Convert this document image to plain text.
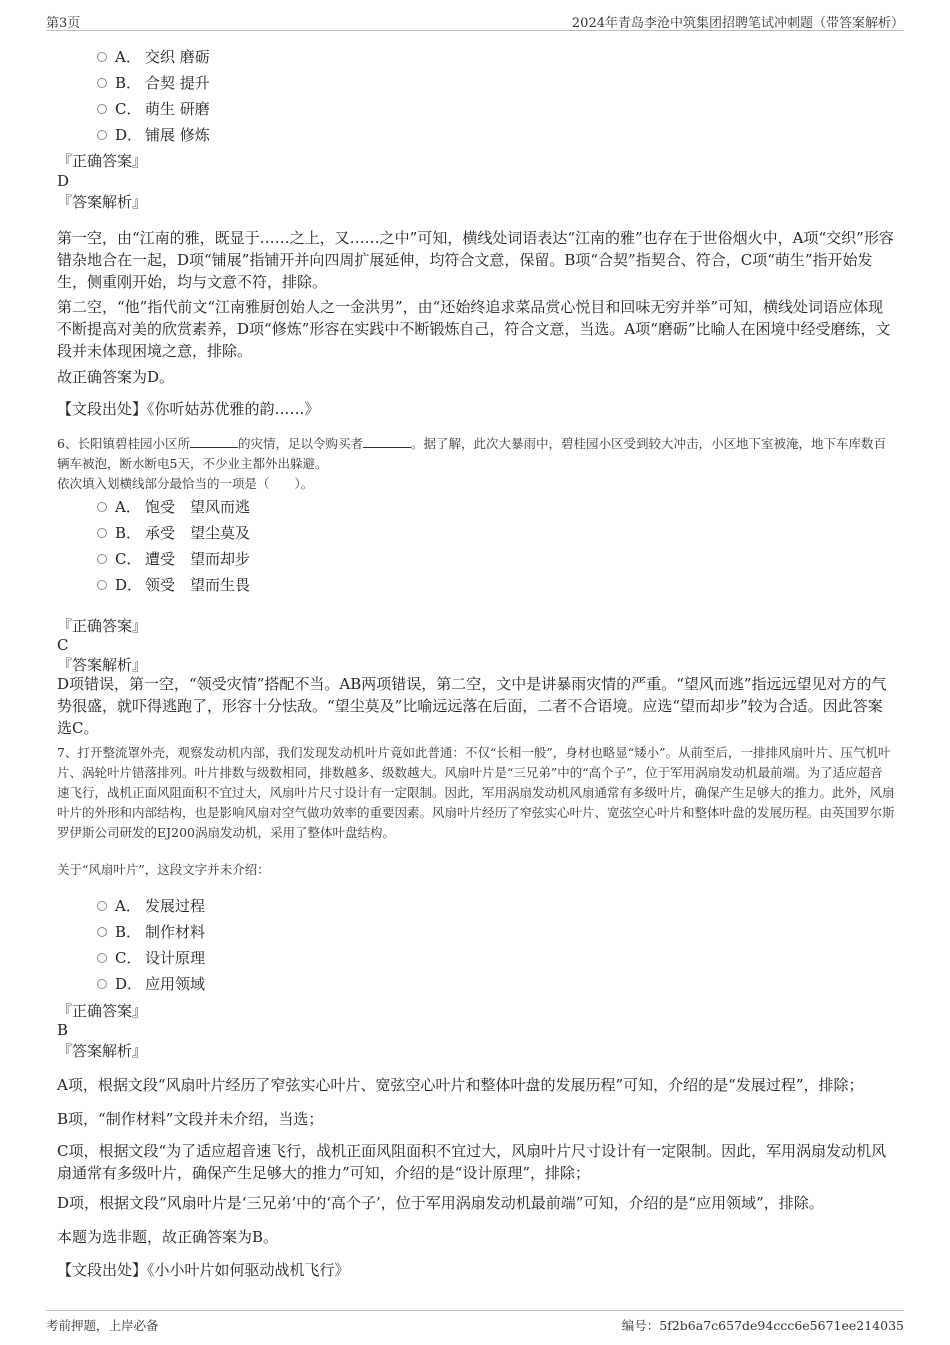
第3页	2024年青岛李沧中筑集团招聘笔试冲刺题（带答案解析）
A． 交织 磨砺
B． 合契 提升
C． 萌生 研磨
D． 铺展 修炼
『正确答案』
D
『答案解析』
第一空，由“江南的雅，既显于……之上，又……之中”可知，横线处词语表达“江南的雅”也存在于世俗烟火中，A项“交织”形容错杂地合在一起，D项“铺展”指铺开并向四周扩展延伸，均符合文意，保留。B项“合契”指契合、符合，C项“萌生”指开始发生，侧重刚开始，均与文意不符，排除。
第二空，“他”指代前文“江南雅厨创始人之一金洪男”，由“还始终追求菜品赏心悦目和回味无穷并举”可知，横线处词语应体现不断提高对美的欣赏素养，D项“修炼”形容在实践中不断锻炼自己，符合文意，当选。A项“磨砺”比喻人在困境中经受磨练，文段并未体现困境之意，排除。
故正确答案为D。
【文段出处】《你听姑苏优雅的韵……》
6、长阳镇碧桂园小区所	的灾情，足以令购买者	。据了解，此次大暴雨中，碧桂园小区受到较大冲击，小区地下室被淹，地下车库数百辆车被泡，断水断电5天，不少业主都外出躲避。
依次填入划横线部分最恰当的一项是（　　）。
A． 饱受　望风而逃
B． 承受　望尘莫及
C． 遭受　望而却步
D． 领受　望而生畏
『正确答案』
C
『答案解析』
D项错误，第一空，“领受灾情”搭配不当。AB两项错误，第二空，文中是讲暴雨灾情的严重。“望风而逃”指远远望见对方的气势很盛，就吓得逃跑了，形容十分怯敌。“望尘莫及”比喻远远落在后面，二者不合语境。应选“望而却步”较为合适。因此答案选C。
7、打开整流罩外壳，观察发动机内部，我们发现发动机叶片竟如此普通：不仅“长相一般”，身材也略显“矮小”。从前至后，一排排风扇叶片、压气机叶片、涡轮叶片错落排列。叶片排数与级数相同，排数越多、级数越大。风扇叶片是“三兄弟”中的“高个子”，位于军用涡扇发动机最前端。为了适应超音速飞行，战机正面风阻面积不宜过大，风扇叶片尺寸设计有一定限制。因此，军用涡扇发动机风扇通常有多级叶片，确保产生足够大的推力。此外，风扇叶片的外形和内部结构，也是影响风扇对空气做功效率的重要因素。风扇叶片经历了窄弦实心叶片、宽弦空心叶片和整体叶盘的发展历程。由英国罗尔斯罗伊斯公司研发的EJ200涡扇发动机，采用了整体叶盘结构。
关于“风扇叶片”，这段文字并未介绍：
A． 发展过程
B． 制作材料
C． 设计原理
D． 应用领域
『正确答案』
B
『答案解析』
A项，根据文段“风扇叶片经历了窄弦实心叶片、宽弦空心叶片和整体叶盘的发展历程”可知，介绍的是“发展过程”，排除；
B项，“制作材料”文段并未介绍，当选；
C项，根据文段“为了适应超音速飞行，战机正面风阻面积不宜过大，风扇叶片尺寸设计有一定限制。因此，军用涡扇发动机风扇通常有多级叶片，确保产生足够大的推力”可知，介绍的是“设计原理”，排除；
D项，根据文段“风扇叶片是‘三兄弟’中的‘高个子’，位于军用涡扇发动机最前端”可知，介绍的是“应用领域”，排除。
本题为选非题，故正确答案为B。
【文段出处】《小小叶片如何驱动战机飞行》
考前押题，上岸必备	编号：5f2b6a7c657de94ccc6e5671ee214035
